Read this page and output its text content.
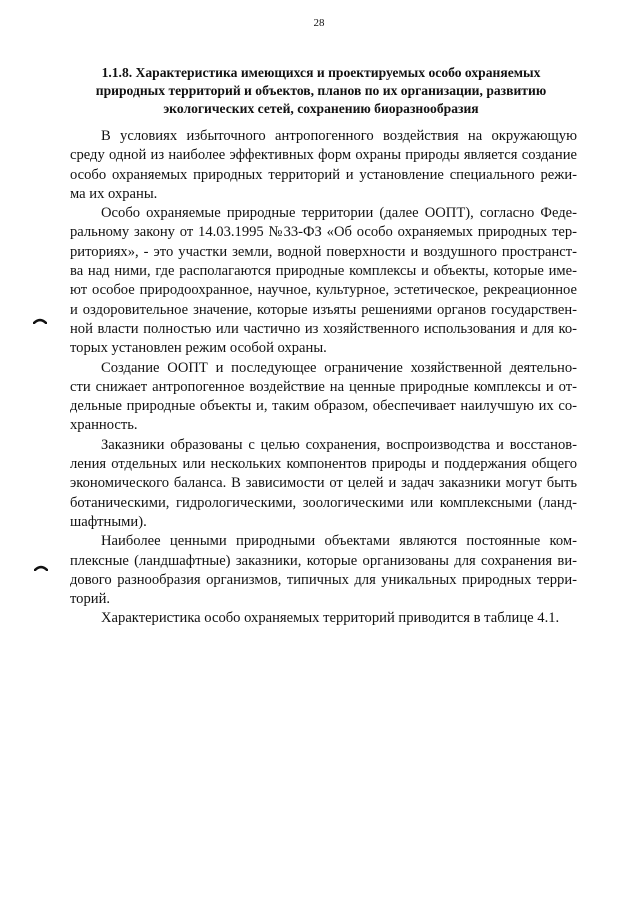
28
1.1.8. Характеристика имеющихся и проектируемых особо охраняемых
природных территорий и объектов, планов по их организации, развитию
экологических сетей, сохранению биоразнообразия
В условиях избыточного антропогенного воздействия на окружающую
среду одной из наиболее эффективных форм охраны природы является создание
особо охраняемых природных территорий и установление специального режи-
ма их охраны.
Особо охраняемые природные территории (далее ООПТ), согласно Феде-
ральному закону от 14.03.1995 №33-ФЗ «Об особо охраняемых природных тер-
риториях», - это участки земли, водной поверхности и воздушного пространст-
ва над ними, где располагаются природные комплексы и объекты, которые име-
ют особое природоохранное, научное, культурное, эстетическое, рекреационное
и оздоровительное значение, которые изъяты решениями органов государствен-
ной власти полностью или частично из хозяйственного использования и для ко-
торых установлен режим особой охраны.
Создание ООПТ и последующее ограничение хозяйственной деятельно-
сти снижает антропогенное воздействие на ценные природные комплексы и от-
дельные природные объекты и, таким образом, обеспечивает наилучшую их со-
хранность.
Заказники образованы с целью сохранения, воспроизводства и восстанов-
ления отдельных или нескольких компонентов природы и поддержания общего
экономического баланса. В зависимости от целей и задач заказники могут быть
ботаническими, гидрологическими, зоологическими или комплексными (ланд-
шафтными).
Наиболее ценными природными объектами являются постоянные ком-
плексные (ландшафтные) заказники, которые организованы для сохранения ви-
дового разнообразия организмов, типичных для уникальных природных терри-
торий.
Характеристика особо охраняемых территорий приводится в таблице 4.1.
